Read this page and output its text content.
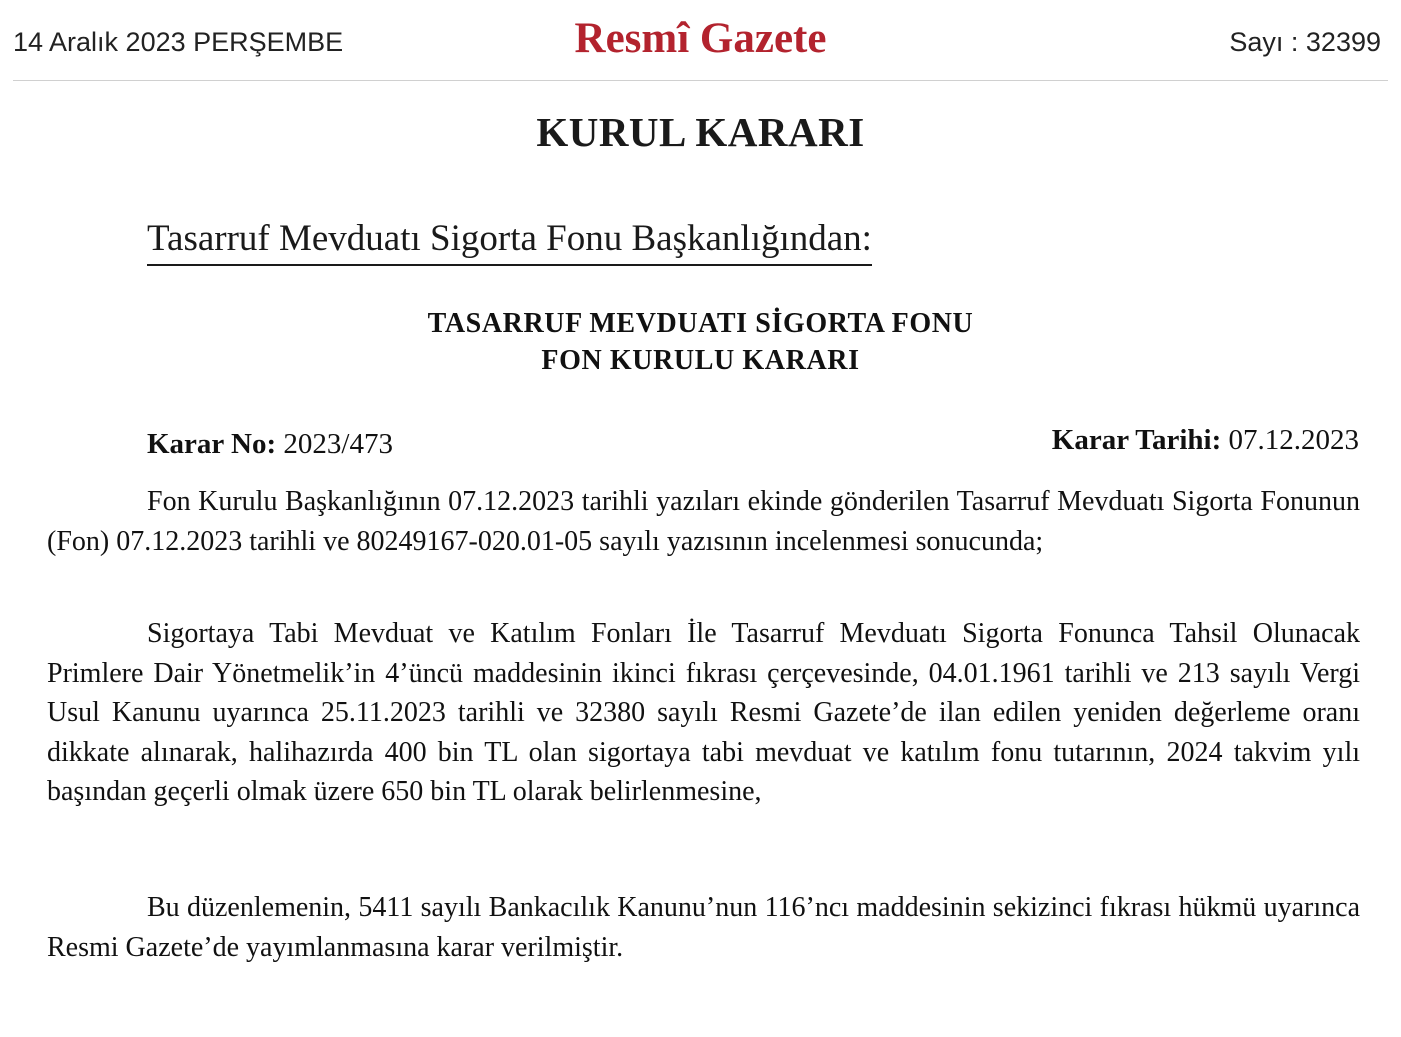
14 Aralık 2023 PERŞEMBE	Resmî Gazete	Sayı : 32399
KURUL KARARI
Tasarruf Mevduatı Sigorta Fonu Başkanlığından:
TASARRUF MEVDUATI SİGORTA FONU
FON KURULU KARARI
Karar No: 2023/473	Karar Tarihi: 07.12.2023

Fon Kurulu Başkanlığının 07.12.2023 tarihli yazıları ekinde gönderilen Tasarruf Mevduatı Sigorta Fonunun (Fon) 07.12.2023 tarihli ve 80249167-020.01-05 sayılı yazısının incelenmesi sonucunda;

Sigortaya Tabi Mevduat ve Katılım Fonları İle Tasarruf Mevduatı Sigorta Fonunca Tahsil Olunacak Primlere Dair Yönetmelik’in 4’üncü maddesinin ikinci fıkrası çerçevesinde, 04.01.1961 tarihli ve 213 sayılı Vergi Usul Kanunu uyarınca 25.11.2023 tarihli ve 32380 sayılı Resmi Gazete’de ilan edilen yeniden değerleme oranı dikkate alınarak, halihazırda 400 bin TL olan sigortaya tabi mevduat ve katılım fonu tutarının, 2024 takvim yılı başından geçerli olmak üzere 650 bin TL olarak belirlenmesine,

Bu düzenlemenin, 5411 sayılı Bankacılık Kanunu’nun 116’ncı maddesinin sekizinci fıkrası hükmü uyarınca Resmi Gazete’de yayımlanmasına karar verilmiştir.
